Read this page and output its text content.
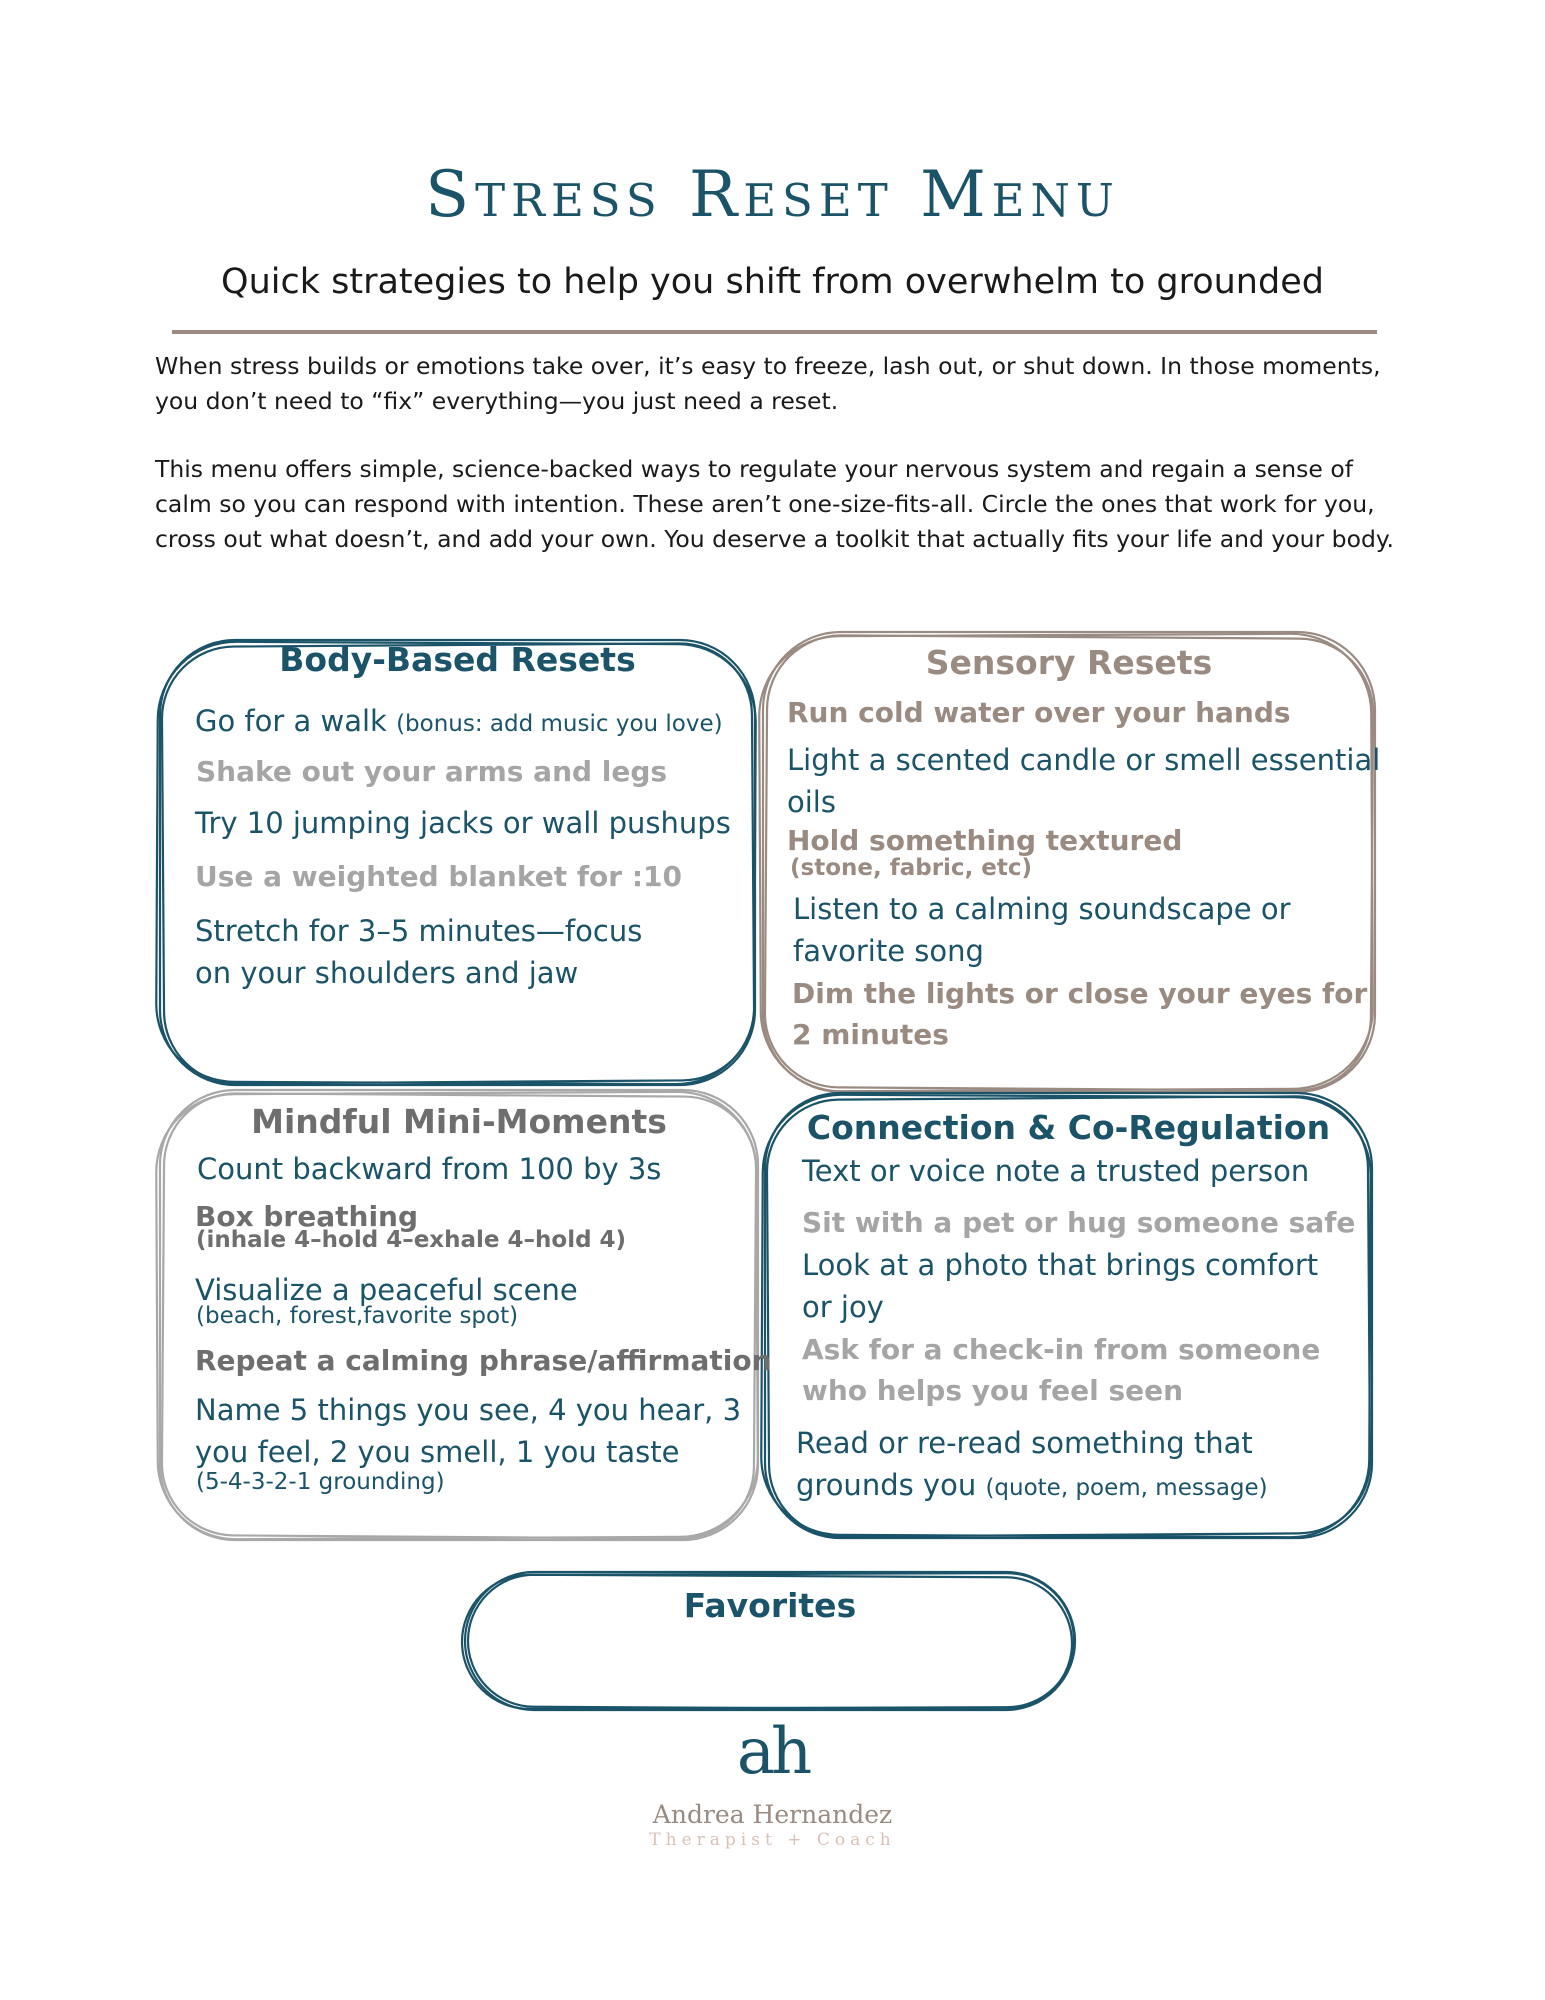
Stress Reset Menu
Quick strategies to help you shift from overwhelm to grounded
When stress builds or emotions take over, it’s easy to freeze, lash out, or shut down. In those moments, you don’t need to “fix” everything—you just need a reset.
This menu offers simple, science-backed ways to regulate your nervous system and regain a sense of calm so you can respond with intention. These aren’t one-size-fits-all. Circle the ones that work for you, cross out what doesn’t, and add your own. You deserve a toolkit that actually fits your life and your body.
Body-Based Resets
Go for a walk (bonus: add music you love)
Shake out your arms and legs
Try 10 jumping jacks or wall pushups
Use a weighted blanket for :10
Stretch for 3–5 minutes—focus
on your shoulders and jaw
Sensory Resets
Run cold water over your hands
Light a scented candle or smell essential
oils
Hold something textured
(stone, fabric, etc)
Listen to a calming soundscape or
favorite song
Dim the lights or close your eyes for
2 minutes
Mindful Mini-Moments
Count backward from 100 by 3s
Box breathing
(inhale 4–hold 4–exhale 4–hold 4)
Visualize a peaceful scene
(beach, forest,favorite spot)
Repeat a calming phrase/affirmation
Name 5 things you see, 4 you hear, 3
you feel, 2 you smell, 1 you taste
(5-4-3-2-1 grounding)
Connection & Co-Regulation
Text or voice note a trusted person
Sit with a pet or hug someone safe
Look at a photo that brings comfort
or joy
Ask for a check-in from someone
who helps you feel seen
Read or re-read something that
grounds you (quote, poem, message)
Favorites
ah
Andrea Hernandez
Therapist + Coach
